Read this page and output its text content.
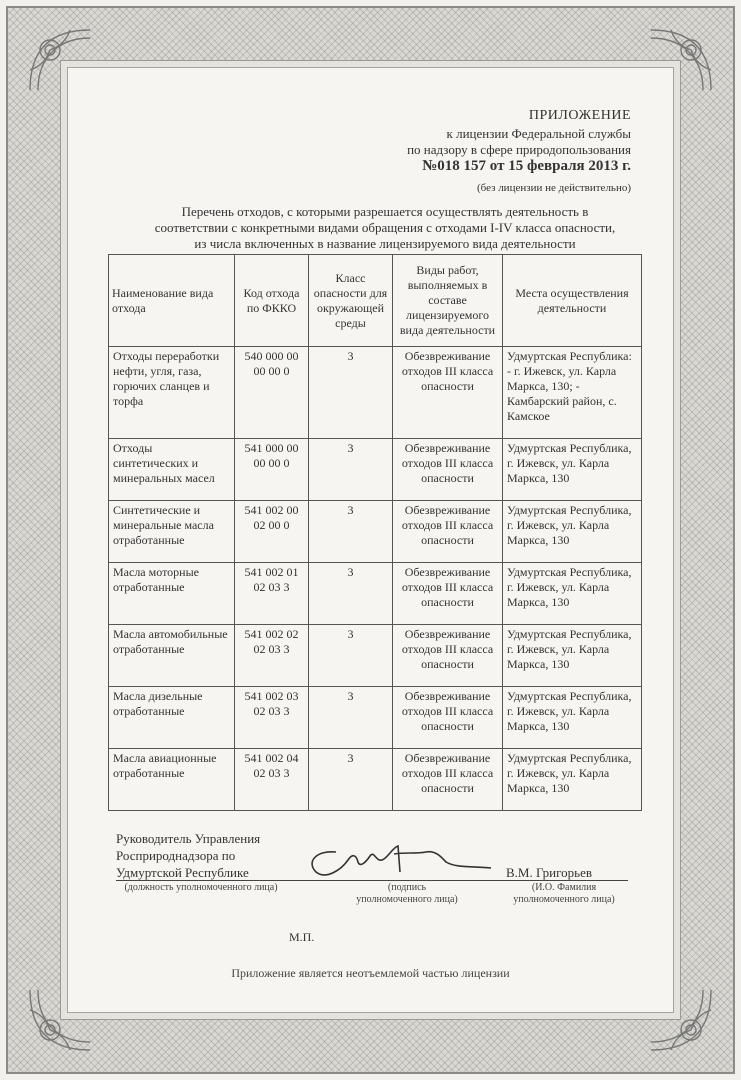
ПРИЛОЖЕНИЕ
к лицензии Федеральной службы
по надзору в сфере природопользования
№018 157 от 15 февраля 2013 г.
(без лицензии не действительно)
Перечень отходов, с которыми разрешается осуществлять деятельность в
соответствии с конкретными видами обращения с отходами I-IV класса опасности,
из числа включенных в название лицензируемого вида деятельности
Наименование вида отхода	Код отхода по ФККО	Класс опасности для окружающей среды	Виды работ, выполняемых в составе лицензируемого вида деятельности	Места осуществления деятельности
Отходы переработки нефти, угля, газа, горючих сланцев и торфа	540 000 00 00 00 0	3	Обезвреживание отходов III класса опасности	Удмуртская Республика: - г. Ижевск, ул. Карла Маркса, 130; - Камбарский район, с. Камское
Отходы синтетических и минеральных масел	541 000 00 00 00 0	3	Обезвреживание отходов III класса опасности	Удмуртская Республика, г. Ижевск, ул. Карла Маркса, 130
Синтетические и минеральные масла отработанные	541 002 00 02 00 0	3	Обезвреживание отходов III класса опасности	Удмуртская Республика, г. Ижевск, ул. Карла Маркса, 130
Масла моторные отработанные	541 002 01 02 03 3	3	Обезвреживание отходов III класса опасности	Удмуртская Республика, г. Ижевск, ул. Карла Маркса, 130
Масла автомобильные отработанные	541 002 02 02 03 3	3	Обезвреживание отходов III класса опасности	Удмуртская Республика, г. Ижевск, ул. Карла Маркса, 130
Масла дизельные отработанные	541 002 03 02 03 3	3	Обезвреживание отходов III класса опасности	Удмуртская Республика, г. Ижевск, ул. Карла Маркса, 130
Масла авиационные отработанные	541 002 04 02 03 3	3	Обезвреживание отходов III класса опасности	Удмуртская Республика, г. Ижевск, ул. Карла Маркса, 130
Руководитель Управления
Росприроднадзора по
Удмуртской Республике
(должность уполномоченного лица)	(подпись уполномоченного лица)
(И.О. Фамилия уполномоченного лица)
В.М. Григорьев
М.П.
Приложение является неотъемлемой частью лицензии
